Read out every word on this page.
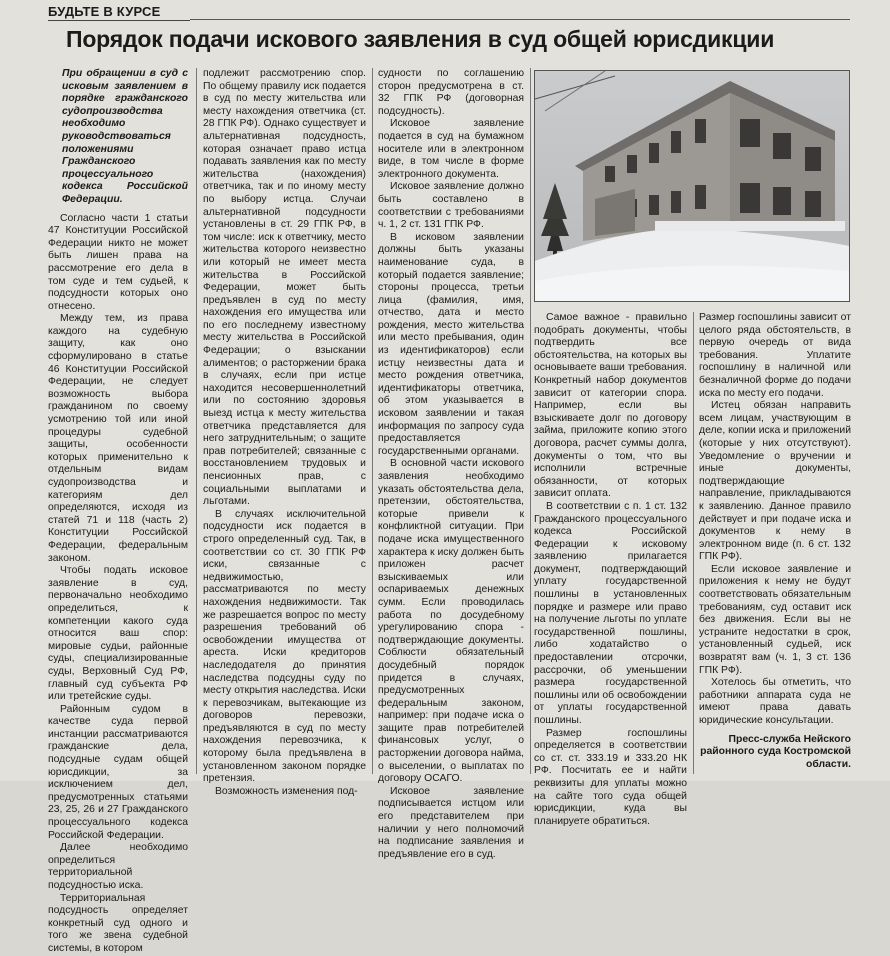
БУДЬТЕ В КУРСЕ
Порядок подачи искового заявления в суд общей юрисдикции

При обращении в суд с исковым заявлением в порядке гражданского судопроизводства необходимо руководствоваться положениями Гражданского процессуального кодекса Российской Федерации.

Согласно части 1 статьи 47 Конституции Российской Федерации никто не может быть лишен права на рассмотрение его дела в том суде и тем судьей, к подсудности которых оно отнесено.

Между тем, из права каждого на судебную защиту, как оно сформулировано в статье 46 Конституции Российской Федерации, не следует возможность выбора гражданином по своему усмотрению той или иной процедуры судебной защиты, особенности которых применительно к отдельным видам судопроизводства и категориям дел определяются, исходя из статей 71 и 118 (часть 2) Конституции Российской Федерации, федеральным законом.

Чтобы подать исковое заявление в суд, первоначально необходимо определиться, к компетенции какого суда относится ваш спор: мировые судьи, районные суды, специализированные суды, Верховный Суд РФ, главный суд субъекта РФ или третейские суды.

Районным судом в качестве суда первой инстанции рассматриваются гражданские дела, подсудные судам общей юрисдикции, за исключением дел, предусмотренных статьями 23, 25, 26 и 27 Гражданского процессуального кодекса Российской Федерации.

Далее необходимо определиться территориальной подсудностью иска.

Территориальная подсудность определяет конкретный суд одного и того же звена судебной системы, в котором

подлежит рассмотрению спор. По общему правилу иск подается в суд по месту жительства или месту нахождения ответчика (ст. 28 ГПК РФ). Однако существует и альтернативная подсудность, которая означает право истца подавать заявления как по месту жительства (нахождения) ответчика, так и по иному месту по выбору истца. Случаи альтернативной подсудности установлены в ст. 29 ГПК РФ, в том числе: иск к ответчику, место жительства которого неизвестно или который не имеет места жительства в Российской Федерации, может быть предъявлен в суд по месту нахождения его имущества или по его последнему известному месту жительства в Российской Федерации; о взыскании алиментов; о расторжении брака в случаях, если при истце находится несовершеннолетний или по состоянию здоровья выезд истца к месту жительства ответчика представляется для него затруднительным; о защите прав потребителей; связанные с восстановлением трудовых и пенсионных прав, с социальными выплатами и льготами.

В случаях исключительной подсудности иск подается в строго определенный суд. Так, в соответствии со ст. 30 ГПК РФ иски, связанные с недвижимостью, рассматриваются по месту нахождения недвижимости. Так же разрешается вопрос по месту разрешения требований об освобождении имущества от ареста. Иски кредиторов наследодателя до принятия наследства подсудны суду по месту открытия наследства. Иски к перевозчикам, вытекающие из договоров перевозки, предъявляются в суд по месту нахождения перевозчика, к которому была предъявлена в установленном законом порядке претензия.

Возможность изменения под-

судности по соглашению сторон предусмотрена в ст. 32 ГПК РФ (договорная подсудность).

Исковое заявление подается в суд на бумажном носителе или в электронном виде, в том числе в форме электронного документа.

Исковое заявление должно быть составлено в соответствии с требованиями ч. 1, 2 ст. 131 ГПК РФ.

В исковом заявлении должны быть указаны наименование суда, в который подается заявление; стороны процесса, третьи лица (фамилия, имя, отчество, дата и место рождения, место жительства или место пребывания, один из идентификаторов) если истцу неизвестны дата и место рождения ответчика, идентификаторы ответчика, об этом указывается в исковом заявлении и такая информация по запросу суда предоставляется государственными органами.

В основной части искового заявления необходимо указать обстоятельства дела, претензии, обстоятельства, которые привели к конфликтной ситуации. При подаче иска имущественного характера к иску должен быть приложен расчет взыскиваемых или оспариваемых денежных сумм. Если проводилась работа по досудебному урегулированию спора - подтверждающие документы. Соблюсти обязательный досудебный порядок придется в случаях, предусмотренных федеральным законом, например: при подаче иска о защите прав потребителей финансовых услуг, о расторжении договора найма, о выселении, о выплатах по договору ОСАГО.

Исковое заявление подписывается истцом или его представителем при наличии у него полномочий на подписание заявления и предъявление его в суд.

Самое важное - правильно подобрать документы, чтобы подтвердить все обстоятельства, на которых вы основываете ваши требования. Конкретный набор документов зависит от категории спора. Например, если вы взыскиваете долг по договору займа, приложите копию этого договора, расчет суммы долга, документы о том, что вы исполнили встречные обязанности, от которых зависит оплата.

В соответствии с п. 1 ст. 132 Гражданского процессуального кодекса Российской Федерации к исковому заявлению прилагается документ, подтверждающий уплату государственной пошлины в установленных порядке и размере или право на получение льготы по уплате государственной пошлины, либо ходатайство о предоставлении отсрочки, рассрочки, об уменьшении размера государственной пошлины или об освобождении от уплаты государственной пошлины.

Размер госпошлины определяется в соответствии со ст. ст. 333.19 и 333.20 НК РФ. Посчитать ее и найти реквизиты для уплаты можно на сайте того суда общей юрисдикции, куда вы планируете обратиться.

Размер госпошлины зависит от целого ряда обстоятельств, в первую очередь от вида требования. Уплатите госпошлину в наличной или безналичной форме до подачи иска по месту его подачи.

Истец обязан направить всем лицам, участвующим в деле, копии иска и приложений (которые у них отсутствуют). Уведомление о вручении и иные документы, подтверждающие направление, прикладываются к заявлению. Данное правило действует и при подаче иска и документов к нему в электронном виде (п. 6 ст. 132 ГПК РФ).

Если исковое заявление и приложения к нему не будут соответствовать обязательным требованиям, суд оставит иск без движения. Если вы не устраните недостатки в срок, установленный судьей, иск возвратят вам (ч. 1, 3 ст. 136 ГПК РФ).

Хотелось бы отметить, что работники аппарата суда не имеют права давать юридические консультации.

Пресс-служба Нейского районного суда Костромской области.
